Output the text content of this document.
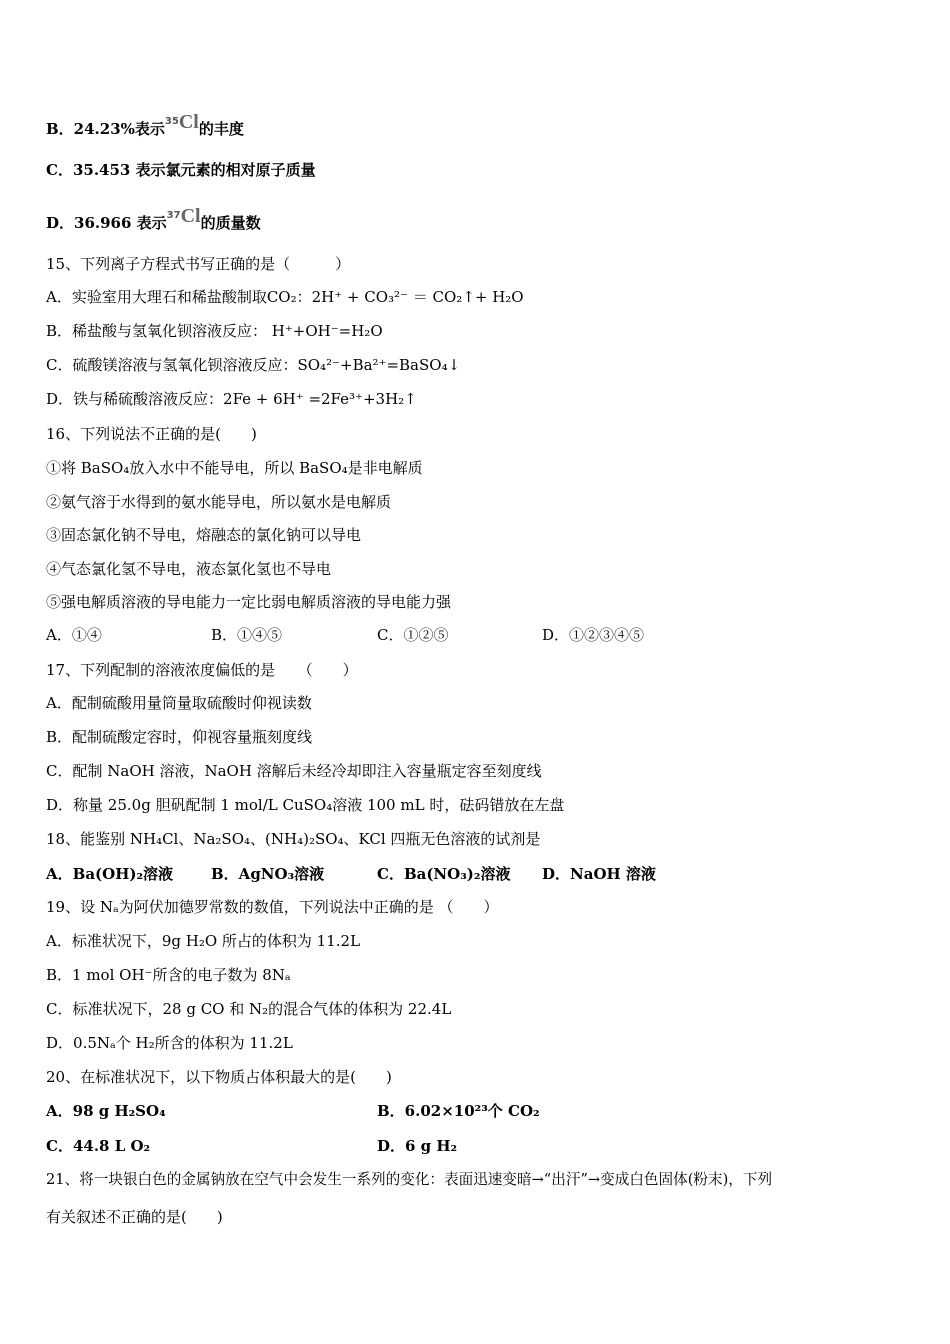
B．24.23%表示$^{35}$Cl的丰度
C．35.453 表示氯元素的相对原子质量
D．36.966 表示$^{37}$Cl的质量数
15、下列离子方程式书写正确的是（　　　）
A．实验室用大理石和稀盐酸制取CO₂：2H⁺ + CO₃²⁻ ＝ CO₂↑+ H₂O
B．稀盐酸与氢氧化钡溶液反应： H⁺+OH⁻=H₂O
C．硫酸镁溶液与氢氧化钡溶液反应：SO₄²⁻+Ba²⁺=BaSO₄↓
D．铁与稀硫酸溶液反应：2Fe + 6H⁺ =2Fe³⁺+3H₂↑
16、下列说法不正确的是(　　)
①将 BaSO₄放入水中不能导电，所以 BaSO₄是非电解质
②氨气溶于水得到的氨水能导电，所以氨水是电解质
③固态氯化钠不导电，熔融态的氯化钠可以导电
④气态氯化氢不导电，液态氯化氢也不导电
⑤强电解质溶液的导电能力一定比弱电解质溶液的导电能力强
A．①④	B．①④⑤	C．①②⑤	D．①②③④⑤
17、下列配制的溶液浓度偏低的是　　（　　）
A．配制硫酸用量筒量取硫酸时仰视读数
B．配制硫酸定容时，仰视容量瓶刻度线
C．配制 NaOH 溶液，NaOH 溶解后未经冷却即注入容量瓶定容至刻度线
D．称量 25.0g 胆矾配制 1 mol/L CuSO₄溶液 100 mL 时，砝码错放在左盘
18、能鉴别 NH₄Cl、Na₂SO₄、(NH₄)₂SO₄、KCl 四瓶无色溶液的试剂是
A．Ba(OH)₂溶液	B．AgNO₃溶液	C．Ba(NO₃)₂溶液 D．NaOH 溶液
19、设 Nₐ为阿伏加德罗常数的数值，下列说法中正确的是 （　　）
A．标准状况下，9g H₂O 所占的体积为 11.2L
B．1 mol OH⁻所含的电子数为 8Nₐ
C．标准状况下，28 g CO 和 N₂的混合气体的体积为 22.4L
D．0.5Nₐ个 H₂所含的体积为 11.2L
20、在标准状况下，以下物质占体积最大的是(　　)
A．98 g H₂SO₄	B．6.02×10²³个 CO₂
C．44.8 L O₂	D．6 g H₂
21、将一块银白色的金属钠放在空气中会发生一系列的变化：表面迅速变暗→“出汗”→变成白色固体(粉末)，下列
有关叙述不正确的是(　　)
